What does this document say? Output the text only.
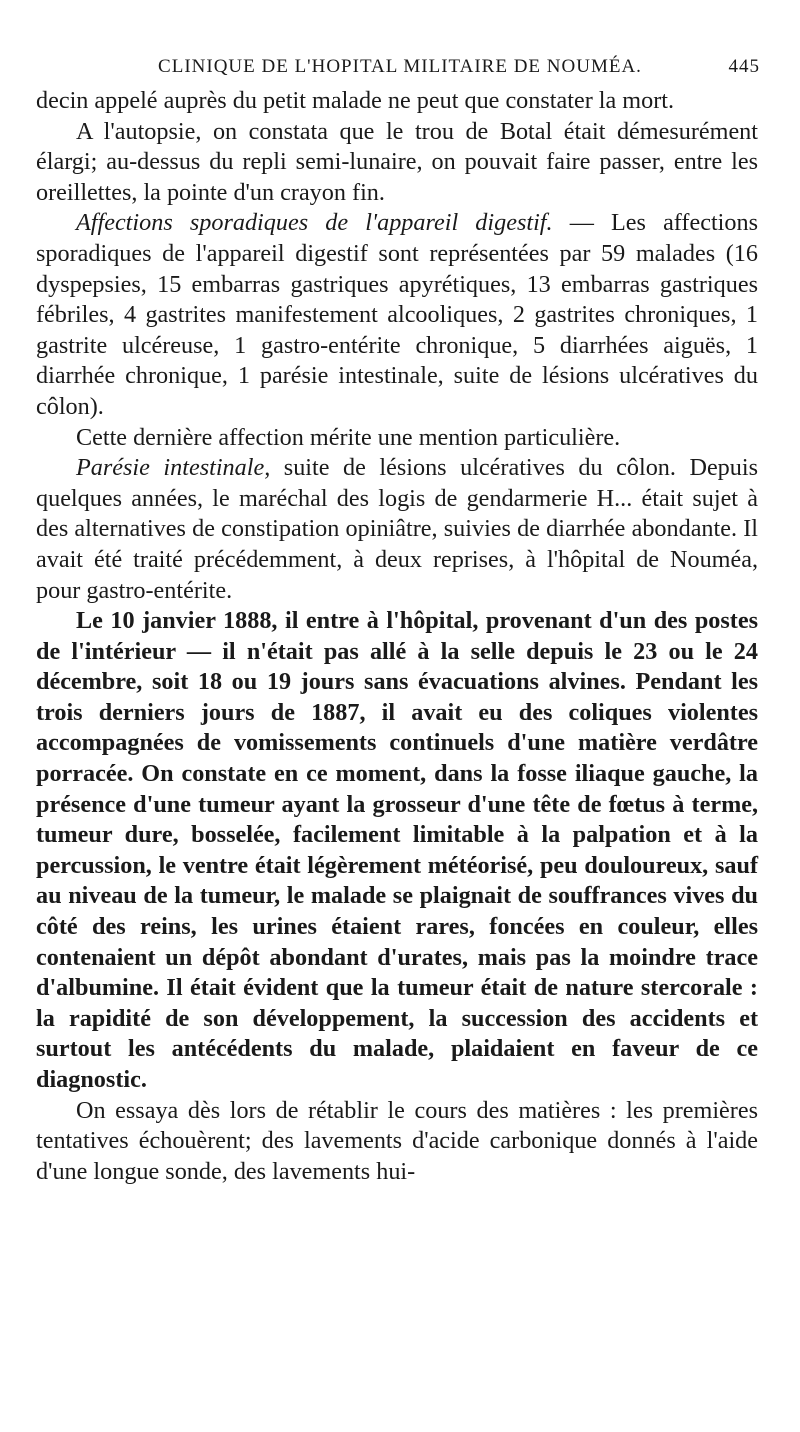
CLINIQUE DE L'HOPITAL MILITAIRE DE NOUMÉA.	445

decin appelé auprès du petit malade ne peut que constater la mort.

A l'autopsie, on constata que le trou de Botal était démesurément élargi; au-dessus du repli semi-lunaire, on pouvait faire passer, entre les oreillettes, la pointe d'un crayon fin.

Affections sporadiques de l'appareil digestif. — Les affections sporadiques de l'appareil digestif sont représentées par 59 malades (16 dyspepsies, 15 embarras gastriques apyrétiques, 13 embarras gastriques fébriles, 4 gastrites manifestement alcooliques, 2 gastrites chroniques, 1 gastrite ulcéreuse, 1 gastro-entérite chronique, 5 diarrhées aiguës, 1 diarrhée chronique, 1 parésie intestinale, suite de lésions ulcératives du côlon).

Cette dernière affection mérite une mention particulière.

Parésie intestinale, suite de lésions ulcératives du côlon. Depuis quelques années, le maréchal des logis de gendarmerie H... était sujet à des alternatives de constipation opiniâtre, suivies de diarrhée abondante. Il avait été traité précédemment, à deux reprises, à l'hôpital de Nouméa, pour gastro-entérite.

Le 10 janvier 1888, il entre à l'hôpital, provenant d'un des postes de l'intérieur — il n'était pas allé à la selle depuis le 23 ou le 24 décembre, soit 18 ou 19 jours sans évacuations alvines. Pendant les trois derniers jours de 1887, il avait eu des coliques violentes accompagnées de vomissements continuels d'une matière verdâtre porracée. On constate en ce moment, dans la fosse iliaque gauche, la présence d'une tumeur ayant la grosseur d'une tête de fœtus à terme, tumeur dure, bosselée, facilement limitable à la palpation et à la percussion, le ventre était légèrement météorisé, peu douloureux, sauf au niveau de la tumeur, le malade se plaignait de souffrances vives du côté des reins, les urines étaient rares, foncées en couleur, elles contenaient un dépôt abondant d'urates, mais pas la moindre trace d'albumine. Il était évident que la tumeur était de nature stercorale : la rapidité de son développement, la succession des accidents et surtout les antécédents du malade, plaidaient en faveur de ce diagnostic.

On essaya dès lors de rétablir le cours des matières : les premières tentatives échouèrent; des lavements d'acide carbonique donnés à l'aide d'une longue sonde, des lavements hui-
